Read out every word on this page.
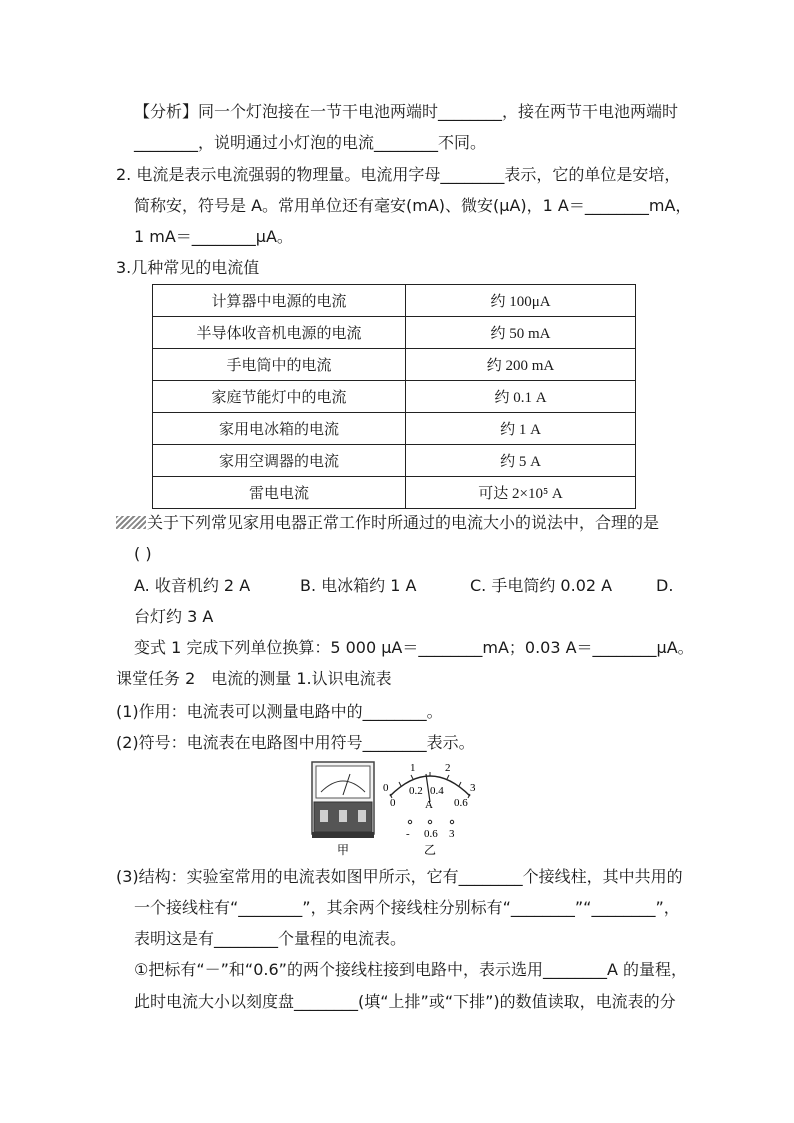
【分析】同一个灯泡接在一节干电池两端时________，接在两节干电池两端时
________，说明通过小灯泡的电流________不同。
2. 电流是表示电流强弱的物理量。电流用字母________表示，它的单位是安培，
简称安，符号是 A。常用单位还有毫安(mA)、微安(μA)，1 A＝________mA，
1 mA＝________μA。
3.几种常见的电流值
计算器中电源的电流	约 100μA
半导体收音机电源的电流	约 50 mA
手电筒中的电流	约 200 mA
家庭节能灯中的电流	约 0.1 A
家用电冰箱的电流	约 1 A
家用空调器的电流	约 5 A
雷电电流	可达 2×10⁵ A
关于下列常见家用电器正常工作时所通过的电流大小的说法中，合理的是
( )
A. 收音机约 2 A	B. 电冰箱约 1 A	C. 手电筒约 0.02 A	D.
台灯约 3 A
变式 1 完成下列单位换算：5 000 μA＝________mA；0.03 A＝________μA。
课堂任务 2　电流的测量 1.认识电流表
(1)作用：电流表可以测量电路中的________。
(2)符号：电流表在电路图中用符号________表示。
甲
0
1	2
3
0
0.2 0.4
0.6
A
- 0.6 3
乙
(3)结构：实验室常用的电流表如图甲所示，它有________个接线柱，其中共用的
一个接线柱有“________”，其余两个接线柱分别标有“________”“________”，
表明这是有________个量程的电流表。
①把标有“－”和“0.6”的两个接线柱接到电路中，表示选用________A 的量程，
此时电流大小以刻度盘________(填“上排”或“下排”)的数值读取，电流表的分
